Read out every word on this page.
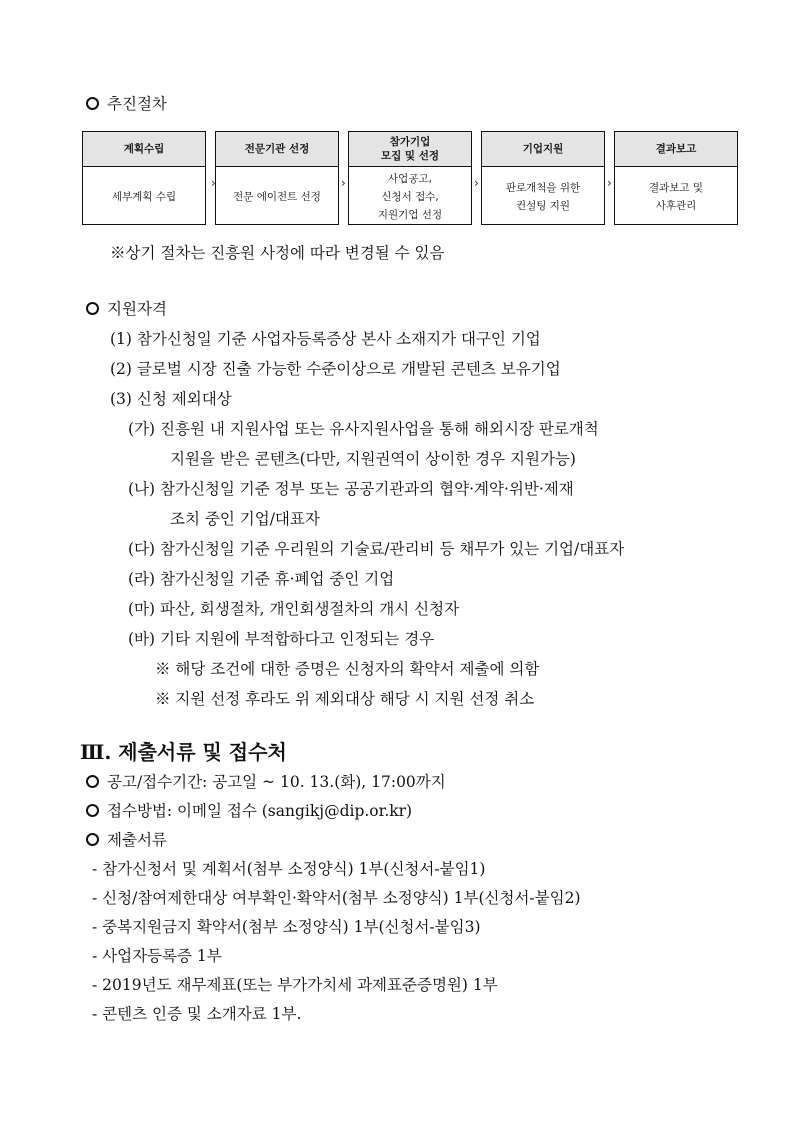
추진절차
계획수립
세부계획 수립
›
전문기관 선정
전문 에이전트 선정
›
참가기업
모집 및 선정
사업공고,
신청서 접수,
지원기업 선정
›
기업지원
판로개척을 위한
컨설팅 지원
›
결과보고
결과보고 및
사후관리
※상기 절차는 진흥원 사정에 따라 변경될 수 있음
지원자격
(1) 참가신청일 기준 사업자등록증상 본사 소재지가 대구인 기업
(2) 글로벌 시장 진출 가능한 수준이상으로 개발된 콘텐츠 보유기업
(3) 신청 제외대상
(가) 진흥원 내 지원사업 또는 유사지원사업을 통해 해외시장 판로개척
지원을 받은 콘텐츠(다만, 지원권역이 상이한 경우 지원가능)
(나) 참가신청일 기준 정부 또는 공공기관과의 협약·계약·위반·제재
조치 중인 기업/대표자
(다) 참가신청일 기준 우리원의 기술료/관리비 등 채무가 있는 기업/대표자
(라) 참가신청일 기준 휴·폐업 중인 기업
(마) 파산, 회생절차, 개인회생절차의 개시 신청자
(바) 기타 지원에 부적합하다고 인정되는 경우
※ 해당 조건에 대한 증명은 신청자의 확약서 제출에 의함
※ 지원 선정 후라도 위 제외대상 해당 시 지원 선정 취소
Ⅲ. 제출서류 및 접수처
공고/접수기간: 공고일 ~ 10. 13.(화), 17:00까지
접수방법: 이메일 접수 (sangikj@dip.or.kr)
제출서류
- 참가신청서 및 계획서(첨부 소정양식) 1부(신청서-붙임1)
- 신청/참여제한대상 여부확인·확약서(첨부 소정양식) 1부(신청서-붙임2)
- 중복지원금지 확약서(첨부 소정양식) 1부(신청서-붙임3)
- 사업자등록증 1부
- 2019년도 재무제표(또는 부가가치세 과제표준증명원) 1부
- 콘텐츠 인증 및 소개자료 1부.
